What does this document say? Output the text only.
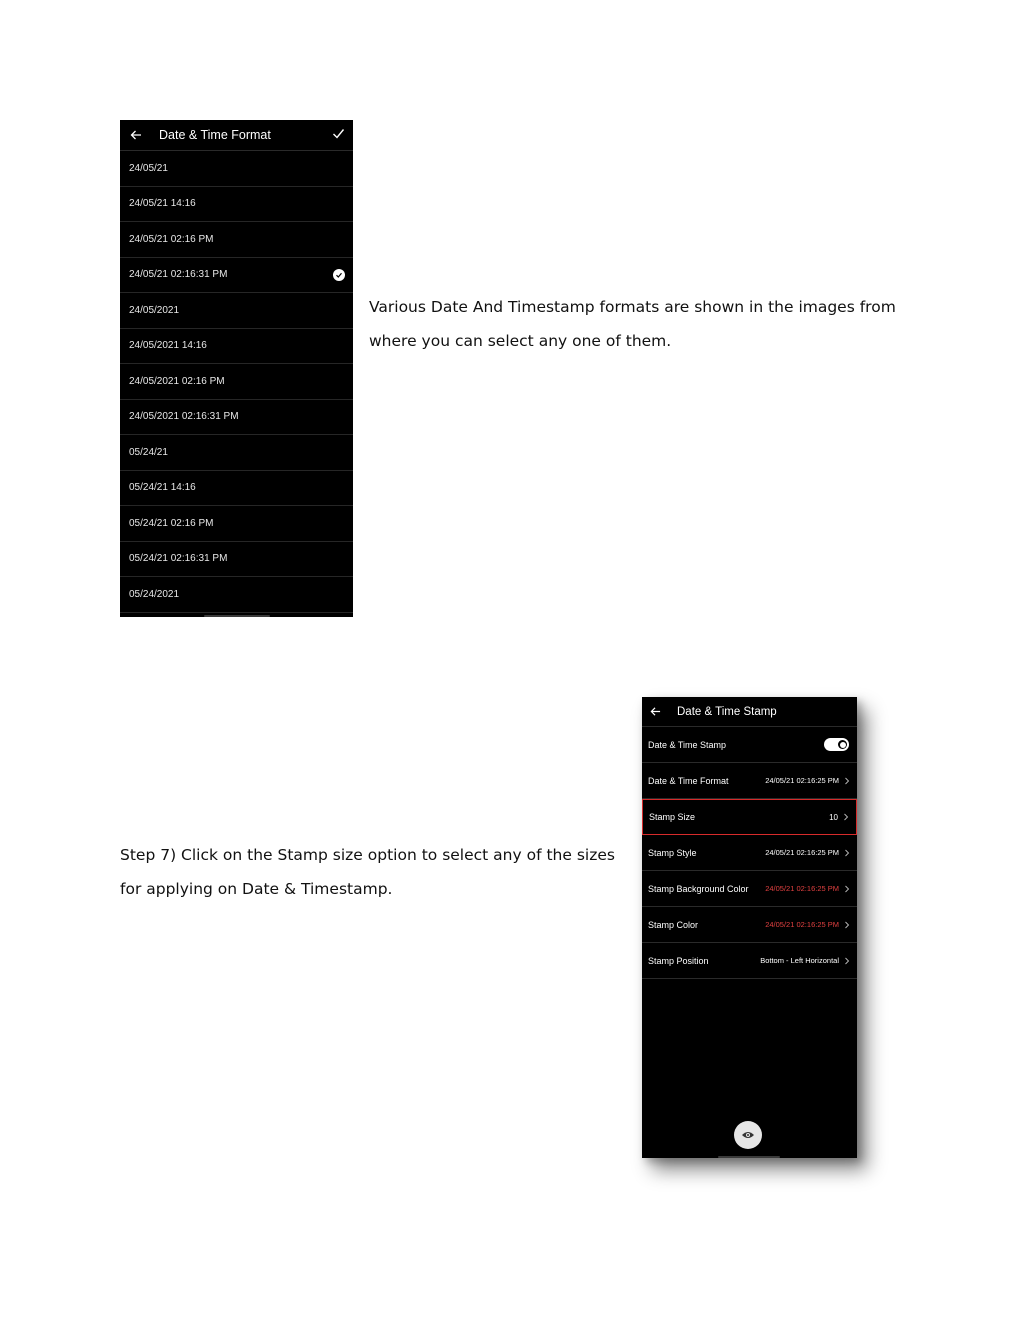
Date & Time Format
24/05/21
24/05/21 14:16
24/05/21 02:16 PM
24/05/21 02:16:31 PM
24/05/2021
24/05/2021 14:16
24/05/2021 02:16 PM
24/05/2021 02:16:31 PM
05/24/21
05/24/21 14:16
05/24/21 02:16 PM
05/24/21 02:16:31 PM
05/24/2021

Various Date And Timestamp formats are shown in the images from where you can select any one of them.

Step 7) Click on the Stamp size option to select any of the sizes for applying on Date & Timestamp.

Date & Time Stamp
Date & Time Stamp
Date & Time Format	24/05/21 02:16:25 PM
Stamp Size	10
Stamp Style	24/05/21 02:16:25 PM
Stamp Background Color 24/05/21 02:16:25 PM
Stamp Color	24/05/21 02:16:25 PM
Stamp Position	Bottom - Left Horizontal
